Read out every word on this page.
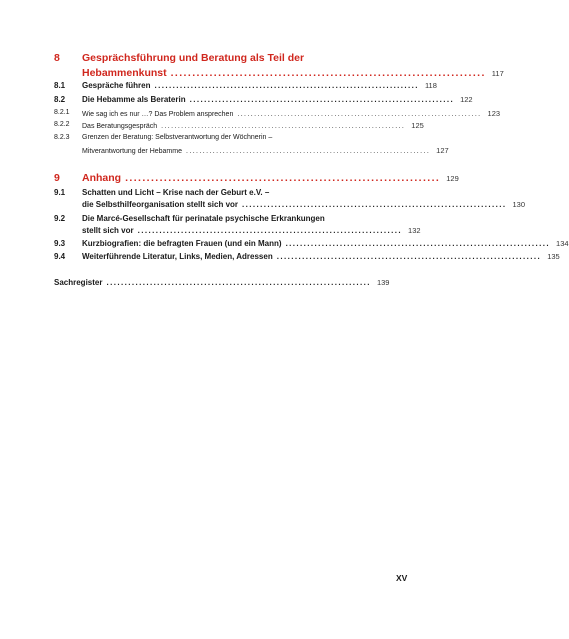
8 Gesprächsführung und Beratung als Teil der
Hebammenkunst ......................................................................... 117
8.1 Gespräche führen ......................................................................... 118
8.2 Die Hebamme als Beraterin ......................................................................... 122
8.2.1 Wie sag ich es nur …? Das Problem ansprechen ......................................................................... 123
8.2.2 Das Beratungsgespräch ......................................................................... 125
8.2.3 Grenzen der Beratung: Selbstverantwortung der Wöchnerin –
Mitverantwortung der Hebamme ......................................................................... 127
9 Anhang ......................................................................... 129
9.1 Schatten und Licht – Krise nach der Geburt e.V. –
die Selbsthilfeorganisation stellt sich vor ......................................................................... 130
9.2 Die Marcé-Gesellschaft für perinatale psychische Erkrankungen
stellt sich vor ......................................................................... 132
9.3 Kurzbiografien: die befragten Frauen (und ein Mann) ......................................................................... 134
9.4 Weiterführende Literatur, Links, Medien, Adressen ......................................................................... 135
Sachregister ......................................................................... 139
XV
